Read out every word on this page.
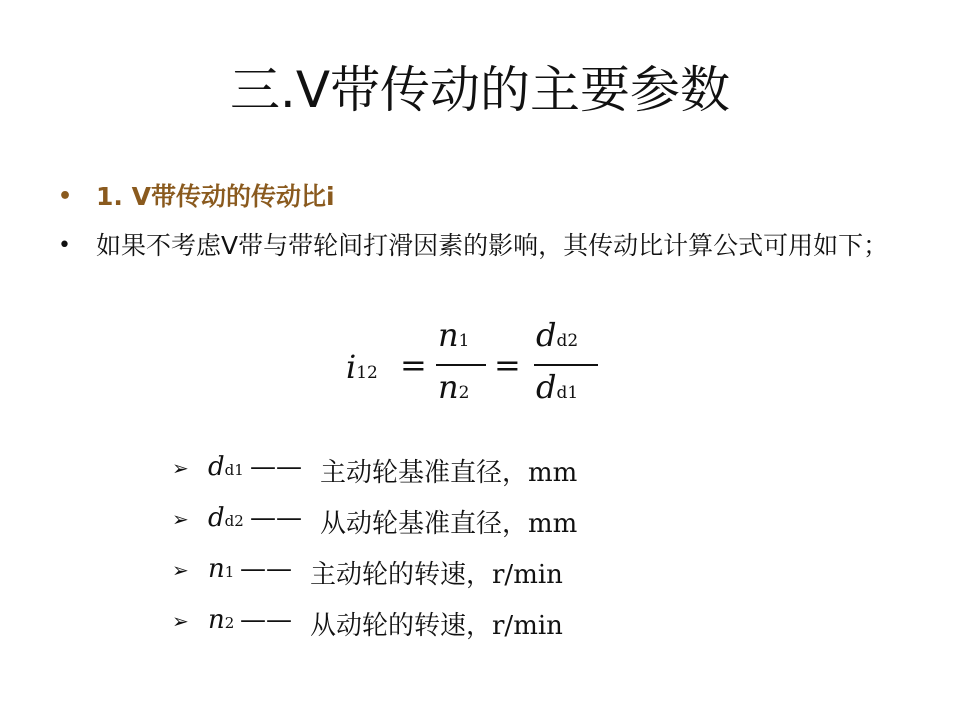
三.V带传动的主要参数
• 1. V带传动的传动比i
• 如果不考虑V带与带轮间打滑因素的影响，其传动比计算公式可用如下；
i12 =
n1
n2
=
dd2
dd1
➢ dd1 —— 主动轮基准直径，mm
➢ dd2 —— 从动轮基准直径，mm
➢ n1 —— 主动轮的转速，r/min
➢ n2 —— 从动轮的转速，r/min
